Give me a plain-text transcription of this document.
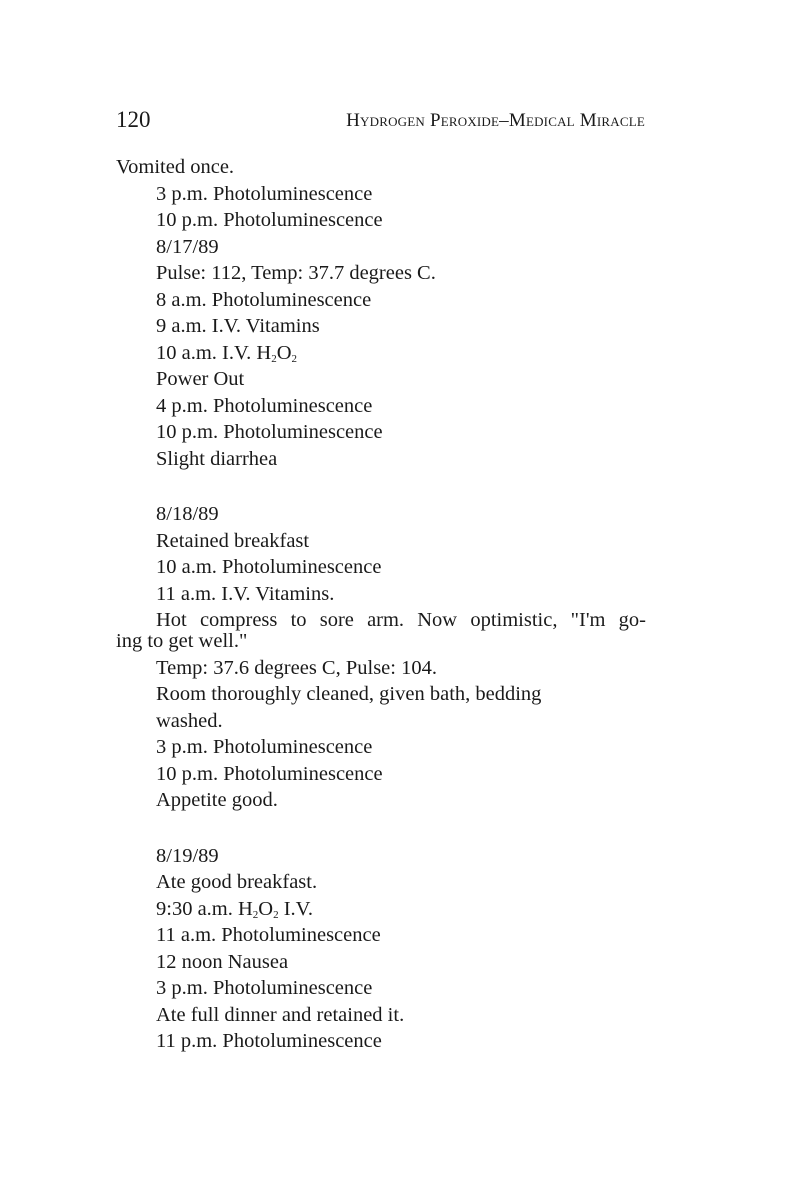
120	Hydrogen Peroxide–Medical Miracle
Vomited once.
3 p.m. Photoluminescence
10 p.m. Photoluminescence
8/17/89
Pulse: 112, Temp: 37.7 degrees C.
8 a.m. Photoluminescence
9 a.m. I.V. Vitamins
10 a.m. I.V. $H_2O_2$
Power Out
4 p.m. Photoluminescence
10 p.m. Photoluminescence
Slight diarrhea
8/18/89
Retained breakfast
10 a.m. Photoluminescence
11 a.m. I.V. Vitamins.
Hot compress to sore arm. Now optimistic, "I'm go-
ing to get well."
Temp: 37.6 degrees C, Pulse: 104.
Room thoroughly cleaned, given bath, bedding
washed.
3 p.m. Photoluminescence
10 p.m. Photoluminescence
Appetite good.
8/19/89
Ate good breakfast.
9:30 a.m. $H_2O_2$ I.V.
11 a.m. Photoluminescence
12 noon Nausea
3 p.m. Photoluminescence
Ate full dinner and retained it.
11 p.m. Photoluminescence
